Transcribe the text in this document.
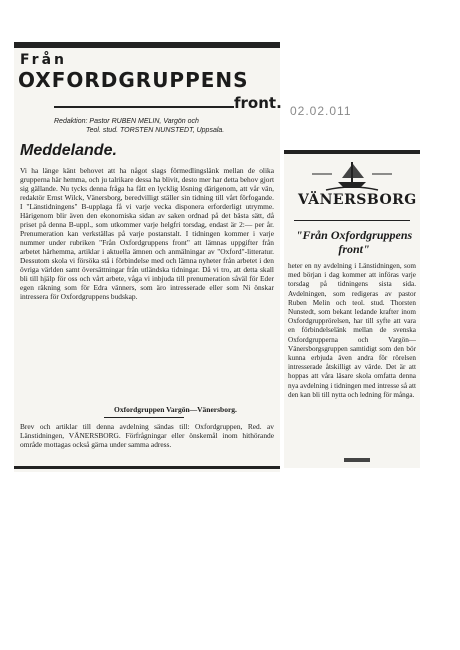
Från
OXFORDGRUPPENS
front.
Redaktion: Pastor RUBEN MELIN, Vargön och
Teol. stud. TORSTEN NUNSTEDT, Uppsala.
Meddelande.
Vi ha länge känt behovet att ha något slags förmedlingslänk mellan de olika grupperna här hemma, och ju talrikare dessa ha blivit, desto mer har detta behov gjort sig gällande. Nu tycks denna fråga ha fått en lycklig lösning därigenom, att vår vän, redaktör Ernst Wilck, Vänersborg, beredvilligt ställer sin tidning till vårt förfogande. I "Länstidningens" B-upplaga få vi varje vecka disponera erforderligt utrymme. Härigenom blir även den ekonomiska sidan av saken ordnad på det bästa sätt, då priset på denna B-uppl., som utkommer varje helgfri torsdag, endast är 2:— per år. Prenumeration kan verkställas på varje postanstalt. I tidningen kommer i varje nummer under rubriken "Från Oxfordgruppens front" att lämnas uppgifter från arbetet härhemma, artiklar i aktuella ämnen och anmälningar av "Oxford"-litteratur. Dessutom skola vi försöka stå i förbindelse med och lämna nyheter från arbetet i den övriga världen samt översättningar från utländska tidningar. Då vi tro, att detta skall bli till hjälp för oss och vårt arbete, våga vi inbjuda till prenumeration såväl för Eder egen räkning som för Edra vänners, som äro intresserade eller som Ni önskar intressera för Oxfordgruppens budskap.
Oxfordgruppen Vargön—Vänersborg.
Brev och artiklar till denna avdelning sändas till: Oxfordgruppen, Red. av Länstidningen, VÄNERSBORG. Förfrågningar eller önskemål inom hithörande område mottagas också gärna under samma adress.
02.02.011
VÄNERSBORG
"Från Oxfordgruppens front"
heter en ny avdelning i Länstidningen, som med början i dag kommer att införas varje torsdag på tidningens sista sida. Avdelningen, som redigeras av pastor Ruben Melin och teol. stud. Thorsten Nunstedt, som bekant ledande krafter inom Oxfordgrupprörelsen, har till syfte att vara en förbindelselänk mellan de svenska Oxfordgrupperna och Vargön—Vänersborgsgruppen samtidigt som den bör kunna erbjuda även andra för rörelsen intresserade åtskilligt av värde. Det är att hoppas att våra läsare skola omfatta denna nya avdelning i tidningen med intresse så att den kan bli till nytta och ledning för många.
